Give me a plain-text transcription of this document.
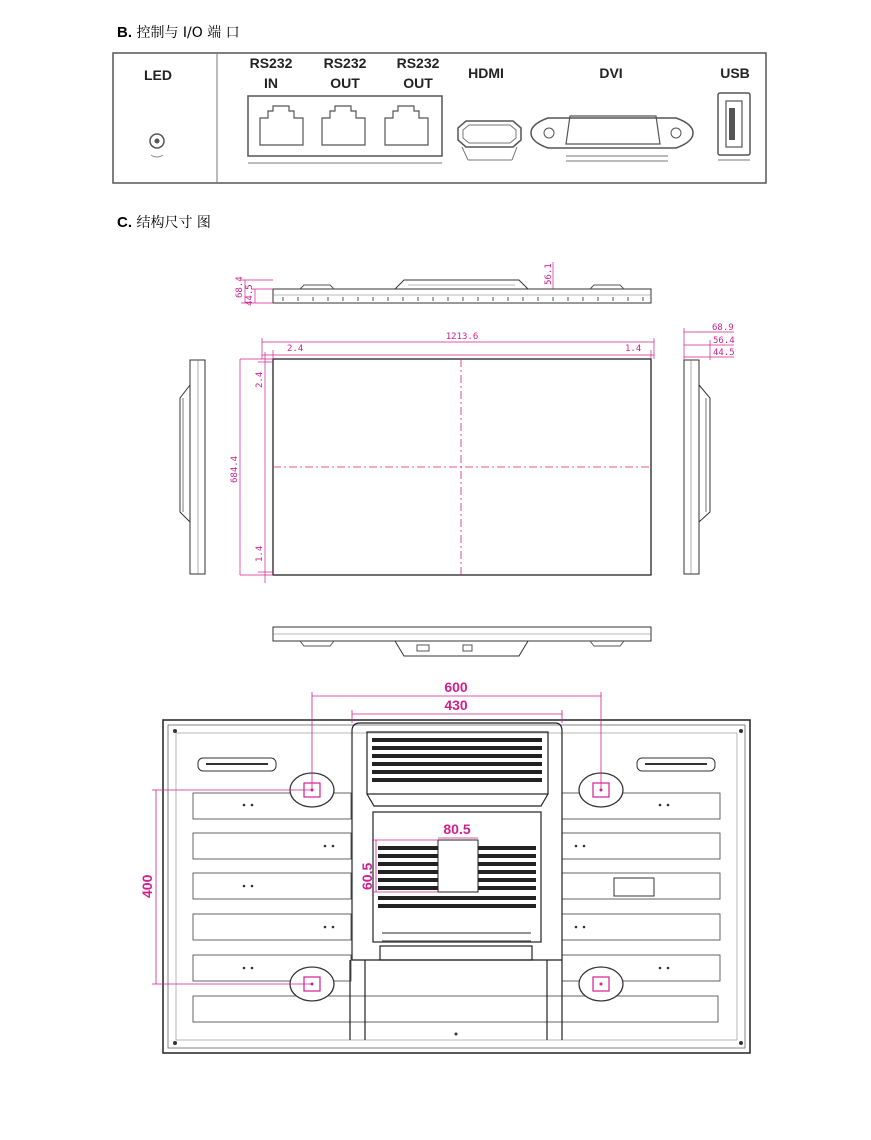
B. 控制与 I/O 端 口
C. 结构尺寸 图
LED
RS232
IN
RS232
OUT
RS232
OUT
HDMI	DVI	USB
68.4 44.5
56.1
1213.6
2.4	1.4
2.4
684.4
1.4
68.9
56.4
44.5
600
430
400
80.5
60.5
